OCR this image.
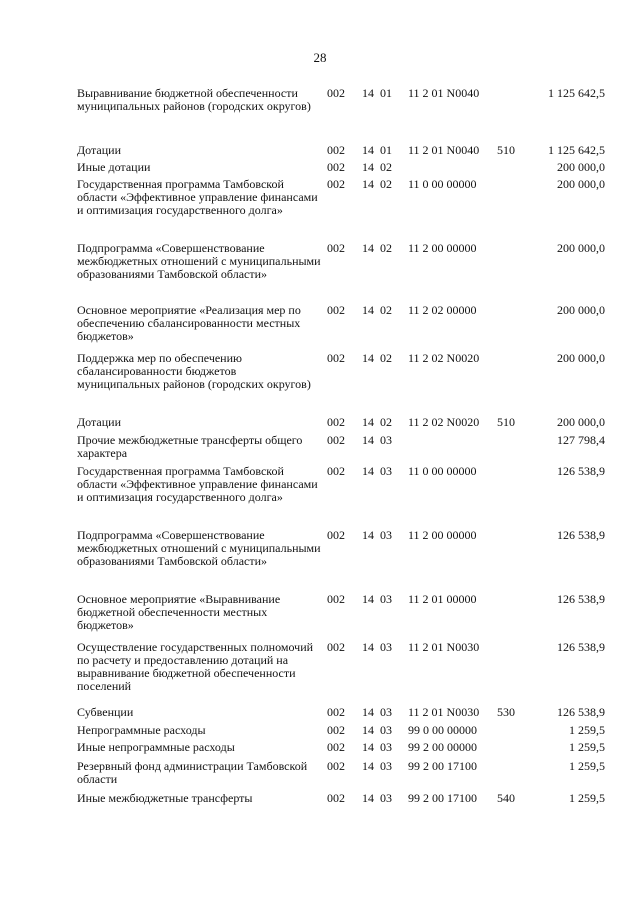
28
Выравнивание бюджетной обеспеченности муниципальных районов (городских округов)
002 14 01 11 2 01 N0040	1 125 642,5
Дотации	002 14 01 11 2 01 N0040 510	1 125 642,5
Иные дотации	002 14 02	200 000,0
Государственная программа Тамбовской области «Эффективное управление финансами и оптимизация государственного долга»
002 14 02 11 0 00 00000	200 000,0
Подпрограмма «Совершенствование межбюджетных отношений с муниципальными образованиями Тамбовской области»
002 14 02 11 2 00 00000	200 000,0
Основное мероприятие «Реализация мер по обеспечению сбалансированности местных бюджетов»
002 14 02 11 2 02 00000	200 000,0
Поддержка мер по обеспечению сбалансированности бюджетов муниципальных районов (городских округов)
002 14 02 11 2 02 N0020	200 000,0
Дотации	002 14 02 11 2 02 N0020 510	200 000,0
Прочие межбюджетные трансферты общего характера
002 14 03	127 798,4
Государственная программа Тамбовской области «Эффективное управление финансами и оптимизация государственного долга»
002 14 03 11 0 00 00000	126 538,9
Подпрограмма «Совершенствование межбюджетных отношений с муниципальными образованиями Тамбовской области»
002 14 03 11 2 00 00000	126 538,9
Основное мероприятие «Выравнивание бюджетной обеспеченности местных бюджетов»
002 14 03 11 2 01 00000	126 538,9
Осуществление государственных полномочий по расчету и предоставлению дотаций на выравнивание бюджетной обеспеченности поселений
002 14 03 11 2 01 N0030	126 538,9
Субвенции	002 14 03 11 2 01 N0030 530	126 538,9
Непрограммные расходы	002 14 03 99 0 00 00000	1 259,5
Иные непрограммные расходы	002 14 03 99 2 00 00000	1 259,5
Резервный фонд администрации Тамбовской области
002 14 03 99 2 00 17100	1 259,5
Иные межбюджетные трансферты	002 14 03 99 2 00 17100 540	1 259,5
